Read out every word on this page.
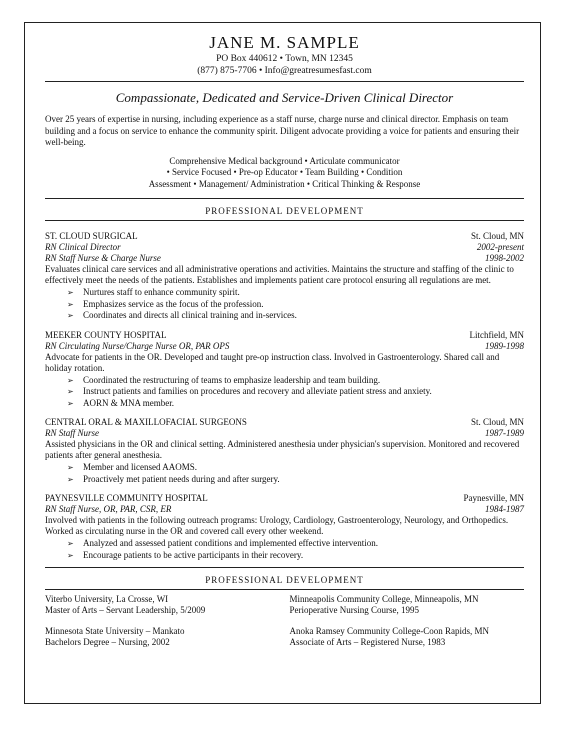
JANE M. SAMPLE
PO Box 440612 • Town, MN 12345
(877) 875-7706 • Info@greatresumesfast.com
Compassionate, Dedicated and Service-Driven Clinical Director
Over 25 years of expertise in nursing, including experience as a staff nurse, charge nurse and clinical director. Emphasis on team building and a focus on service to enhance the community spirit. Diligent advocate providing a voice for patients and ensuring their well-being.
Comprehensive Medical background • Articulate communicator
• Service Focused • Pre-op Educator • Team Building • Condition
Assessment • Management/ Administration • Critical Thinking & Response
PROFESSIONAL DEVELOPMENT
ST. CLOUD SURGICAL	St. Cloud, MN
RN Clinical Director	2002-present
RN Staff Nurse & Charge Nurse	1998-2002
Evaluates clinical care services and all administrative operations and activities. Maintains the structure and staffing of the clinic to effectively meet the needs of the patients. Establishes and implements patient care protocol ensuring all regulations are met.
➢ Nurtures staff to enhance community spirit.
➢ Emphasizes service as the focus of the profession.
➢ Coordinates and directs all clinical training and in-services.
MEEKER COUNTY HOSPITAL	Litchfield, MN
RN Circulating Nurse/Charge Nurse OR, PAR OPS	1989-1998
Advocate for patients in the OR. Developed and taught pre-op instruction class. Involved in Gastroenterology. Shared call and holiday rotation.
➢ Coordinated the restructuring of teams to emphasize leadership and team building.
➢ Instruct patients and families on procedures and recovery and alleviate patient stress and anxiety.
➢ AORN & MNA member.
CENTRAL ORAL & MAXILLOFACIAL SURGEONS	St. Cloud, MN
RN Staff Nurse	1987-1989
Assisted physicians in the OR and clinical setting. Administered anesthesia under physician's supervision. Monitored and recovered patients after general anesthesia.
➢ Member and licensed AAOMS.
➢ Proactively met patient needs during and after surgery.
PAYNESVILLE COMMUNITY HOSPITAL	Paynesville, MN
RN Staff Nurse, OR, PAR, CSR, ER	1984-1987
Involved with patients in the following outreach programs: Urology, Cardiology, Gastroenterology, Neurology, and Orthopedics. Worked as circulating nurse in the OR and covered call every other weekend.
➢ Analyzed and assessed patient conditions and implemented effective intervention.
➢ Encourage patients to be active participants in their recovery.
PROFESSIONAL DEVELOPMENT
Viterbo University, La Crosse, WI
Master of Arts – Servant Leadership, 5/2009
Minneapolis Community College, Minneapolis, MN
Perioperative Nursing Course, 1995
Minnesota State University – Mankato
Bachelors Degree – Nursing, 2002
Anoka Ramsey Community College-Coon Rapids, MN
Associate of Arts – Registered Nurse, 1983
